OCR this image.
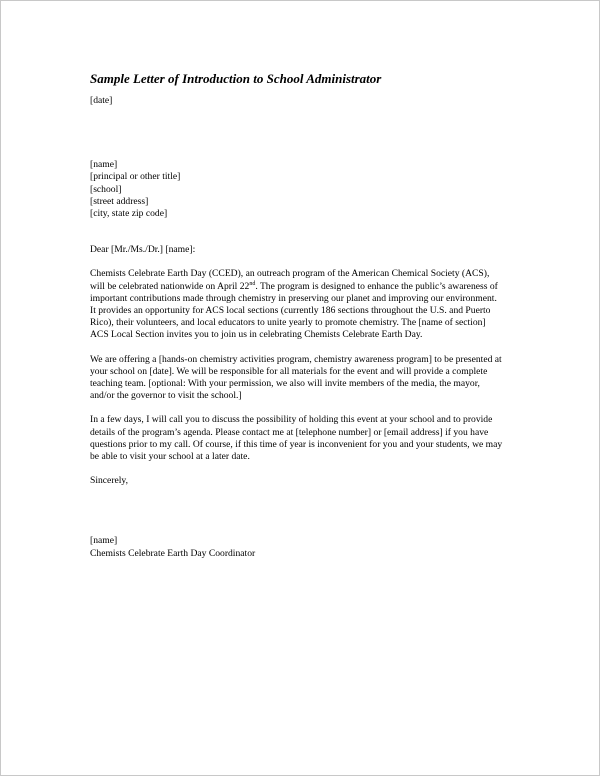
Sample Letter of Introduction to School Administrator
[date]
[name]
[principal or other title]
[school]
[street address]
[city, state zip code]
Dear [Mr./Ms./Dr.] [name]:

Chemists Celebrate Earth Day (CCED), an outreach program of the American Chemical Society (ACS),

will be celebrated nationwide on April 22nd. The program is designed to enhance the public’s awareness of

important contributions made through chemistry in preserving our planet and improving our environment.

It provides an opportunity for ACS local sections (currently 186 sections throughout the U.S. and Puerto

Rico), their volunteers, and local educators to unite yearly to promote chemistry. The [name of section]

ACS Local Section invites you to join us in celebrating Chemists Celebrate Earth Day.

We are offering a [hands-on chemistry activities program, chemistry awareness program] to be presented at

your school on [date]. We will be responsible for all materials for the event and will provide a complete

teaching team. [optional: With your permission, we also will invite members of the media, the mayor,

and/or the governor to visit the school.]

In a few days, I will call you to discuss the possibility of holding this event at your school and to provide

details of the program’s agenda. Please contact me at [telephone number] or [email address] if you have

questions prior to my call. Of course, if this time of year is inconvenient for you and your students, we may

be able to visit your school at a later date.

Sincerely,
[name]
Chemists Celebrate Earth Day Coordinator
